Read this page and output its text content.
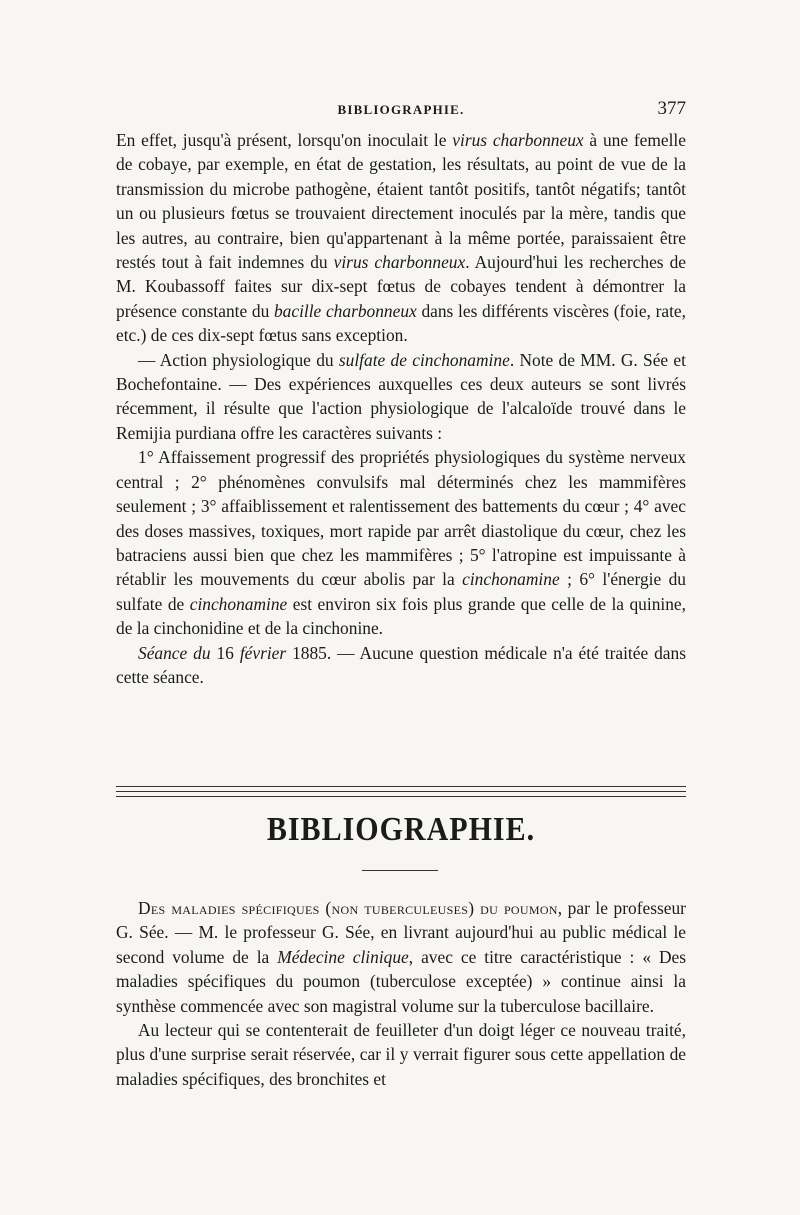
BIBLIOGRAPHIE.	377

En effet, jusqu'à présent, lorsqu'on inoculait le virus charbonneux à une femelle de cobaye, par exemple, en état de gestation, les résultats, au point de vue de la transmission du microbe pathogène, étaient tantôt positifs, tantôt négatifs; tantôt un ou plusieurs fœtus se trouvaient directement inoculés par la mère, tandis que les autres, au contraire, bien qu'appartenant à la même portée, paraissaient être restés tout à fait indemnes du virus charbonneux. Aujourd'hui les recherches de M. Koubassoff faites sur dix-sept fœtus de cobayes tendent à démontrer la présence constante du bacille charbonneux dans les différents viscères (foie, rate, etc.) de ces dix-sept fœtus sans exception.

— Action physiologique du sulfate de cinchonamine. Note de MM. G. Sée et Bochefontaine. — Des expériences auxquelles ces deux auteurs se sont livrés récemment, il résulte que l'action physiologique de l'alcaloïde trouvé dans le Remijia purdiana offre les caractères suivants :

1° Affaissement progressif des propriétés physiologiques du système nerveux central ; 2° phénomènes convulsifs mal déterminés chez les mammifères seulement ; 3° affaiblissement et ralentissement des battements du cœur ; 4° avec des doses massives, toxiques, mort rapide par arrêt diastolique du cœur, chez les batraciens aussi bien que chez les mammifères ; 5° l'atropine est impuissante à rétablir les mouvements du cœur abolis par la cinchonamine ; 6° l'énergie du sulfate de cinchonamine est environ six fois plus grande que celle de la quinine, de la cinchonidine et de la cinchonine.

Séance du 16 février 1885. — Aucune question médicale n'a été traitée dans cette séance.

BIBLIOGRAPHIE.

Des maladies spécifiques (non tuberculeuses) du poumon, par le professeur G. Sée. — M. le professeur G. Sée, en livrant aujourd'hui au public médical le second volume de la Médecine clinique, avec ce titre caractéristique : « Des maladies spécifiques du poumon (tuberculose exceptée) » continue ainsi la synthèse commencée avec son magistral volume sur la tuberculose bacillaire.

Au lecteur qui se contenterait de feuilleter d'un doigt léger ce nouveau traité, plus d'une surprise serait réservée, car il y verrait figurer sous cette appellation de maladies spécifiques, des bronchites et
